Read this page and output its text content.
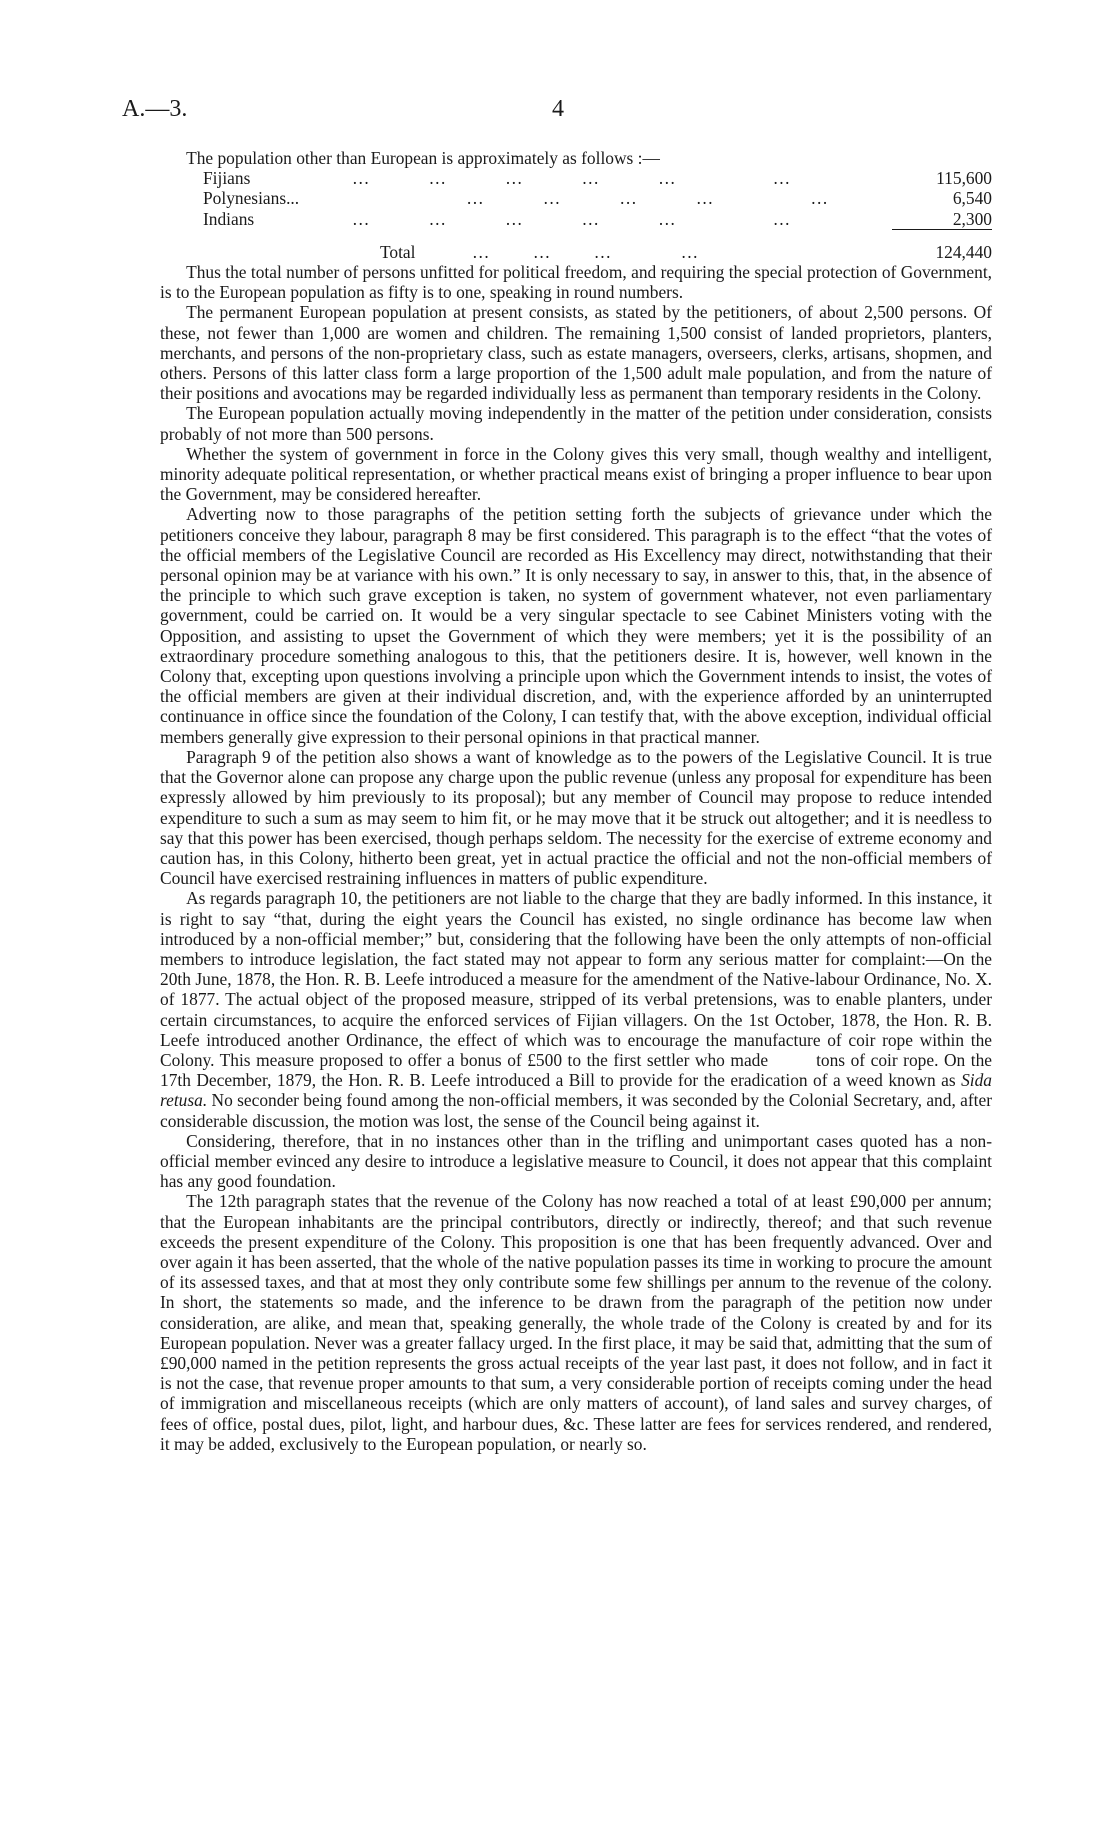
A.—3.	4

The population other than European is approximately as follows :—

Fijians	…         …         …         …         …               …	115,600
Polynesians...	…         …         …         …               …	6,540
Indians	…         …         …         …         …               …	2,300
Total             …          …          …                …		124,440

Thus the total number of persons unfitted for political freedom, and requiring the special protection of Government, is to the European population as fifty is to one, speaking in round numbers.

The permanent European population at present consists, as stated by the petitioners, of about 2,500 persons. Of these, not fewer than 1,000 are women and children. The remaining 1,500 consist of landed proprietors, planters, merchants, and persons of the non-proprietary class, such as estate managers, overseers, clerks, artisans, shopmen, and others. Persons of this latter class form a large proportion of the 1,500 adult male population, and from the nature of their positions and avocations may be regarded individually less as permanent than temporary residents in the Colony.

The European population actually moving independently in the matter of the petition under consideration, consists probably of not more than 500 persons.

Whether the system of government in force in the Colony gives this very small, though wealthy and intelligent, minority adequate political representation, or whether practical means exist of bringing a proper influence to bear upon the Government, may be considered hereafter.

Adverting now to those paragraphs of the petition setting forth the subjects of grievance under which the petitioners conceive they labour, paragraph 8 may be first considered. This paragraph is to the effect “that the votes of the official members of the Legislative Council are recorded as His Excellency may direct, notwithstanding that their personal opinion may be at variance with his own.” It is only necessary to say, in answer to this, that, in the absence of the principle to which such grave exception is taken, no system of government whatever, not even parliamentary government, could be carried on. It would be a very singular spectacle to see Cabinet Ministers voting with the Opposition, and assisting to upset the Government of which they were members; yet it is the possibility of an extraordinary procedure something analogous to this, that the petitioners desire. It is, however, well known in the Colony that, excepting upon questions involving a principle upon which the Government intends to insist, the votes of the official members are given at their individual discretion, and, with the experience afforded by an uninterrupted continuance in office since the foundation of the Colony, I can testify that, with the above exception, individual official members generally give expression to their personal opinions in that practical manner.

Paragraph 9 of the petition also shows a want of knowledge as to the powers of the Legislative Council. It is true that the Governor alone can propose any charge upon the public revenue (unless any proposal for expenditure has been expressly allowed by him previously to its proposal); but any member of Council may propose to reduce intended expenditure to such a sum as may seem to him fit, or he may move that it be struck out altogether; and it is needless to say that this power has been exercised, though perhaps seldom. The necessity for the exercise of extreme economy and caution has, in this Colony, hitherto been great, yet in actual practice the official and not the non-official members of Council have exercised restraining influences in matters of public expenditure.

As regards paragraph 10, the petitioners are not liable to the charge that they are badly informed. In this instance, it is right to say “that, during the eight years the Council has existed, no single ordinance has become law when introduced by a non-official member;” but, considering that the following have been the only attempts of non-official members to introduce legislation, the fact stated may not appear to form any serious matter for complaint:—On the 20th June, 1878, the Hon. R. B. Leefe introduced a measure for the amendment of the Native-labour Ordinance, No. X. of 1877. The actual object of the proposed measure, stripped of its verbal pretensions, was to enable planters, under certain circumstances, to acquire the enforced services of Fijian villagers. On the 1st October, 1878, the Hon. R. B. Leefe introduced another Ordinance, the effect of which was to encourage the manufacture of coir rope within the Colony. This measure proposed to offer a bonus of £500 to the first settler who made	tons of coir rope. On the 17th December, 1879, the Hon. R. B. Leefe introduced a Bill to provide for the eradication of a weed known as Sida retusa. No seconder being found among the non-official members, it was seconded by the Colonial Secretary, and, after considerable discussion, the motion was lost, the sense of the Council being against it.

Considering, therefore, that in no instances other than in the trifling and unimportant cases quoted has a non-official member evinced any desire to introduce a legislative measure to Council, it does not appear that this complaint has any good foundation.

The 12th paragraph states that the revenue of the Colony has now reached a total of at least £90,000 per annum; that the European inhabitants are the principal contributors, directly or indirectly, thereof; and that such revenue exceeds the present expenditure of the Colony. This proposition is one that has been frequently advanced. Over and over again it has been asserted, that the whole of the native population passes its time in working to procure the amount of its assessed taxes, and that at most they only contribute some few shillings per annum to the revenue of the colony. In short, the statements so made, and the inference to be drawn from the paragraph of the petition now under consideration, are alike, and mean that, speaking generally, the whole trade of the Colony is created by and for its European population. Never was a greater fallacy urged. In the first place, it may be said that, admitting that the sum of £90,000 named in the petition represents the gross actual receipts of the year last past, it does not follow, and in fact it is not the case, that revenue proper amounts to that sum, a very considerable portion of receipts coming under the head of immigration and miscellaneous receipts (which are only matters of account), of land sales and survey charges, of fees of office, postal dues, pilot, light, and harbour dues, &c. These latter are fees for services rendered, and rendered, it may be added, exclusively to the European population, or nearly so.
